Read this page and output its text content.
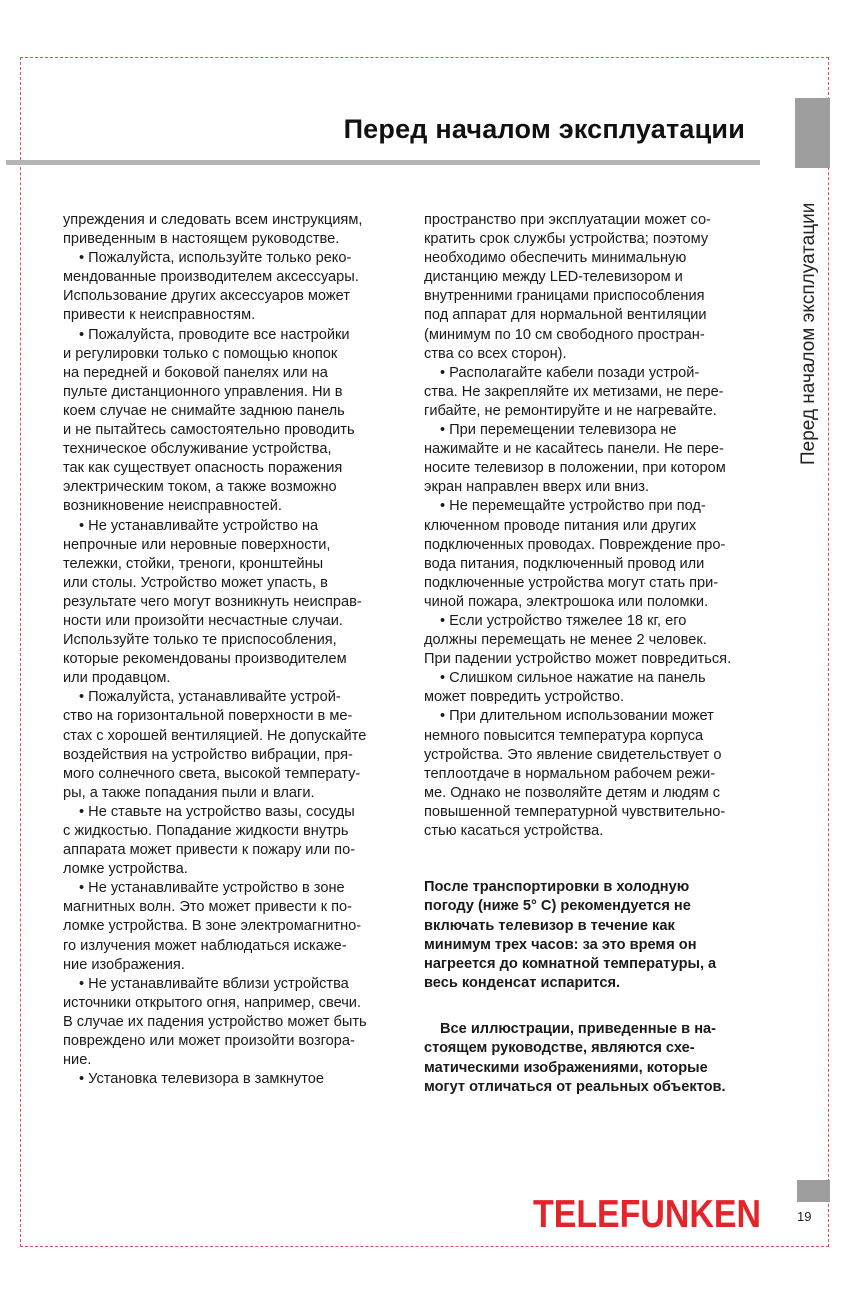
Перед началом эксплуатации
Перед началом эксплуатации

упреждения и следовать всем инструкциям,

приведенным в настоящем руководстве.

• Пожалуйста, используйте только реко-

мендованные производителем аксессуары.

Использование других аксессуаров может

привести к неисправностям.

• Пожалуйста, проводите все настройки

и регулировки только с помощью кнопок

на передней и боковой панелях или на

пульте дистанционного управления. Ни в

коем случае не снимайте заднюю панель

и не пытайтесь самостоятельно проводить

техническое обслуживание устройства,

так как существует опасность поражения

электрическим током, а также возможно

возникновение неисправностей.

• Не устанавливайте устройство на

непрочные или неровные поверхности,

тележки, стойки, треноги, кронштейны

или столы. Устройство может упасть, в

результате чего могут возникнуть неисправ-

ности или произойти несчастные случаи.

Используйте только те приспособления,

которые рекомендованы производителем

или продавцом.

• Пожалуйста, устанавливайте устрой-

ство на горизонтальной поверхности в ме-

стах с хорошей вентиляцией. Не допускайте

воздействия на устройство вибрации, пря-

мого солнечного света, высокой температу-

ры, а также попадания пыли и влаги.

• Не ставьте на устройство вазы, сосуды

с жидкостью. Попадание жидкости внутрь

аппарата может привести к пожару или по-

ломке устройства.

• Не устанавливайте устройство в зоне

магнитных волн. Это может привести к по-

ломке устройства. В зоне электромагнитно-

го излучения может наблюдаться искаже-

ние изображения.

• Не устанавливайте вблизи устройства

источники открытого огня, например, свечи.

В случае их падения устройство может быть

повреждено или может произойти возгора-

ние.

• Установка телевизора в замкнутое

пространство при эксплуатации может со-

кратить срок службы устройства; поэтому

необходимо обеспечить минимальную

дистанцию между LED-телевизором и

внутренними границами приспособления

под аппарат для нормальной вентиляции

(минимум по 10 см свободного простран-

ства со всех сторон).

• Располагайте кабели позади устрой-

ства. Не закрепляйте их метизами, не пере-

гибайте, не ремонтируйте и не нагревайте.

• При перемещении телевизора не

нажимайте и не касайтесь панели. Не пере-

носите телевизор в положении, при котором

экран направлен вверх или вниз.

• Не перемещайте устройство при под-

ключенном проводе питания или других

подключенных проводах. Повреждение про-

вода питания, подключенный провод или

подключенные устройства могут стать при-

чиной пожара, электрошока или поломки.

• Если устройство тяжелее 18 кг, его

должны перемещать не менее 2 человек.

При падении устройство может повредиться.

• Слишком сильное нажатие на панель

может повредить устройство.

• При длительном использовании может

немного повысится температура корпуса

устройства. Это явление свидетельствует о

теплоотдаче в нормальном рабочем режи-

ме. Однако не позволяйте детям и людям с

повышенной температурной чувствительно-

стью касаться устройства.

После транспортировки в холодную
погоду (ниже 5° С) рекомендуется не
включать телевизор в течение как
минимум трех часов: за это время он
нагреется до комнатной температуры, а
весь конденсат испарится.
Все иллюстрации, приведенные в на-
стоящем руководстве, являются схе-
матическими изображениями, которые
могут отличаться от реальных объектов.
TELEFUNKEN	19
